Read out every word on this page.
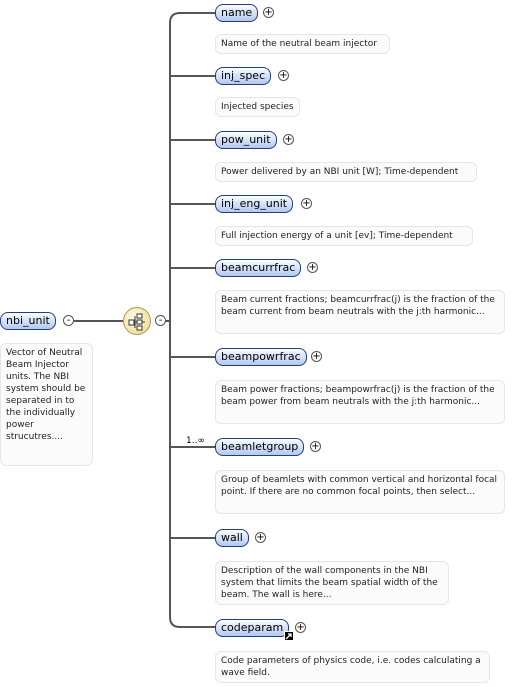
nbi_unit	-
Vector of Neutral Beam Injector units. The NBI system should be separated in to the individually power strucutres....
-
name	+
Name of the neutral beam injector
inj_spec	+
Injected species
pow_unit	+
Power delivered by an NBI unit [W]; Time-dependent
inj_eng_unit	+
Full injection energy of a unit [ev]; Time-dependent
beamcurrfrac	+
Beam current fractions; beamcurrfrac(j) is the fraction of the beam current from beam neutrals with the j:th harmonic...
beampowrfrac	+
Beam power fractions; beampowrfrac(j) is the fraction of the beam power from beam neutrals with the j:th harmonic...
1..∞	beamletgroup	+
Group of beamlets with common vertical and horizontal focal point. If there are no common focal points, then select...
wall	+
Description of the wall components in the NBI system that limits the beam spatial width of the beam. The wall is here...
codeparam	+
Code parameters of physics code, i.e. codes calculating a wave field.
